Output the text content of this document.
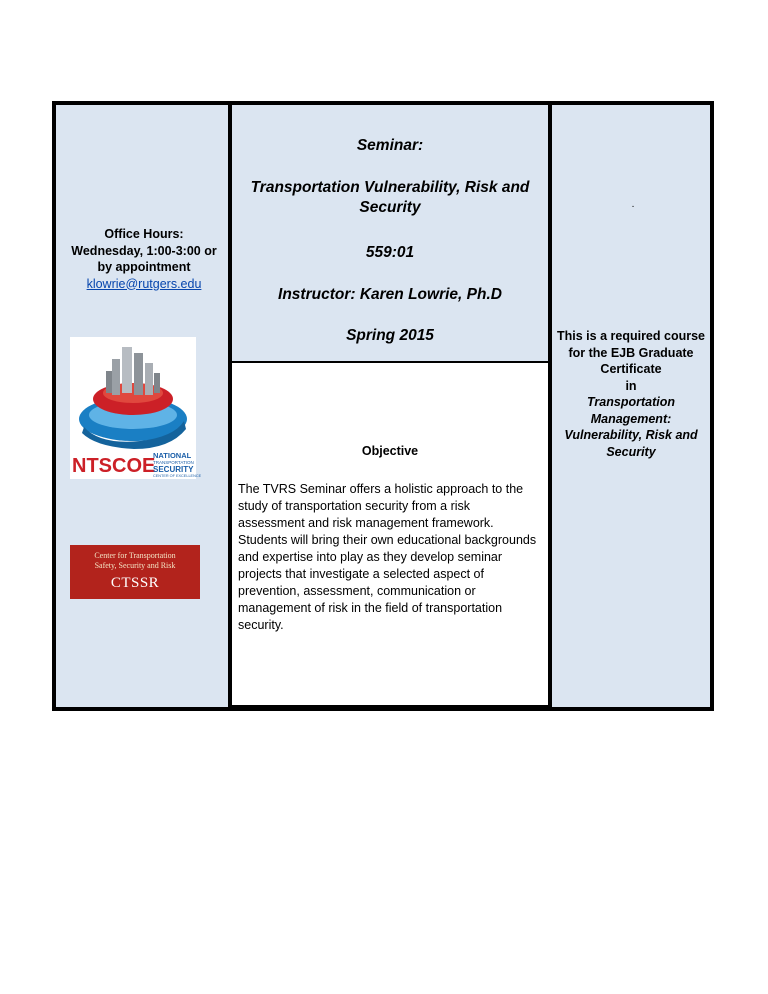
Office Hours:
Wednesday, 1:00-3:00 or
by appointment
klowrie@rutgers.edu
NTSCOE
NATIONAL
TRANSPORTATION
SECURITY
CENTER OF EXCELLENCE
Center for Transportation
Safety, Security and Risk
CTSSR
Seminar:
Transportation Vulnerability, Risk and
Security
559:01
Instructor: Karen Lowrie, Ph.D
Spring 2015
Objective
The TVRS Seminar offers a holistic approach to the study of transportation security from a risk assessment and risk management framework. Students will bring their own educational backgrounds and expertise into play as they develop seminar projects that investigate a selected aspect of prevention, assessment, communication or management of risk in the field of transportation security.
.
This is a required course
for the EJB Graduate
Certificate
in
Transportation
Management:
Vulnerability, Risk and
Security
